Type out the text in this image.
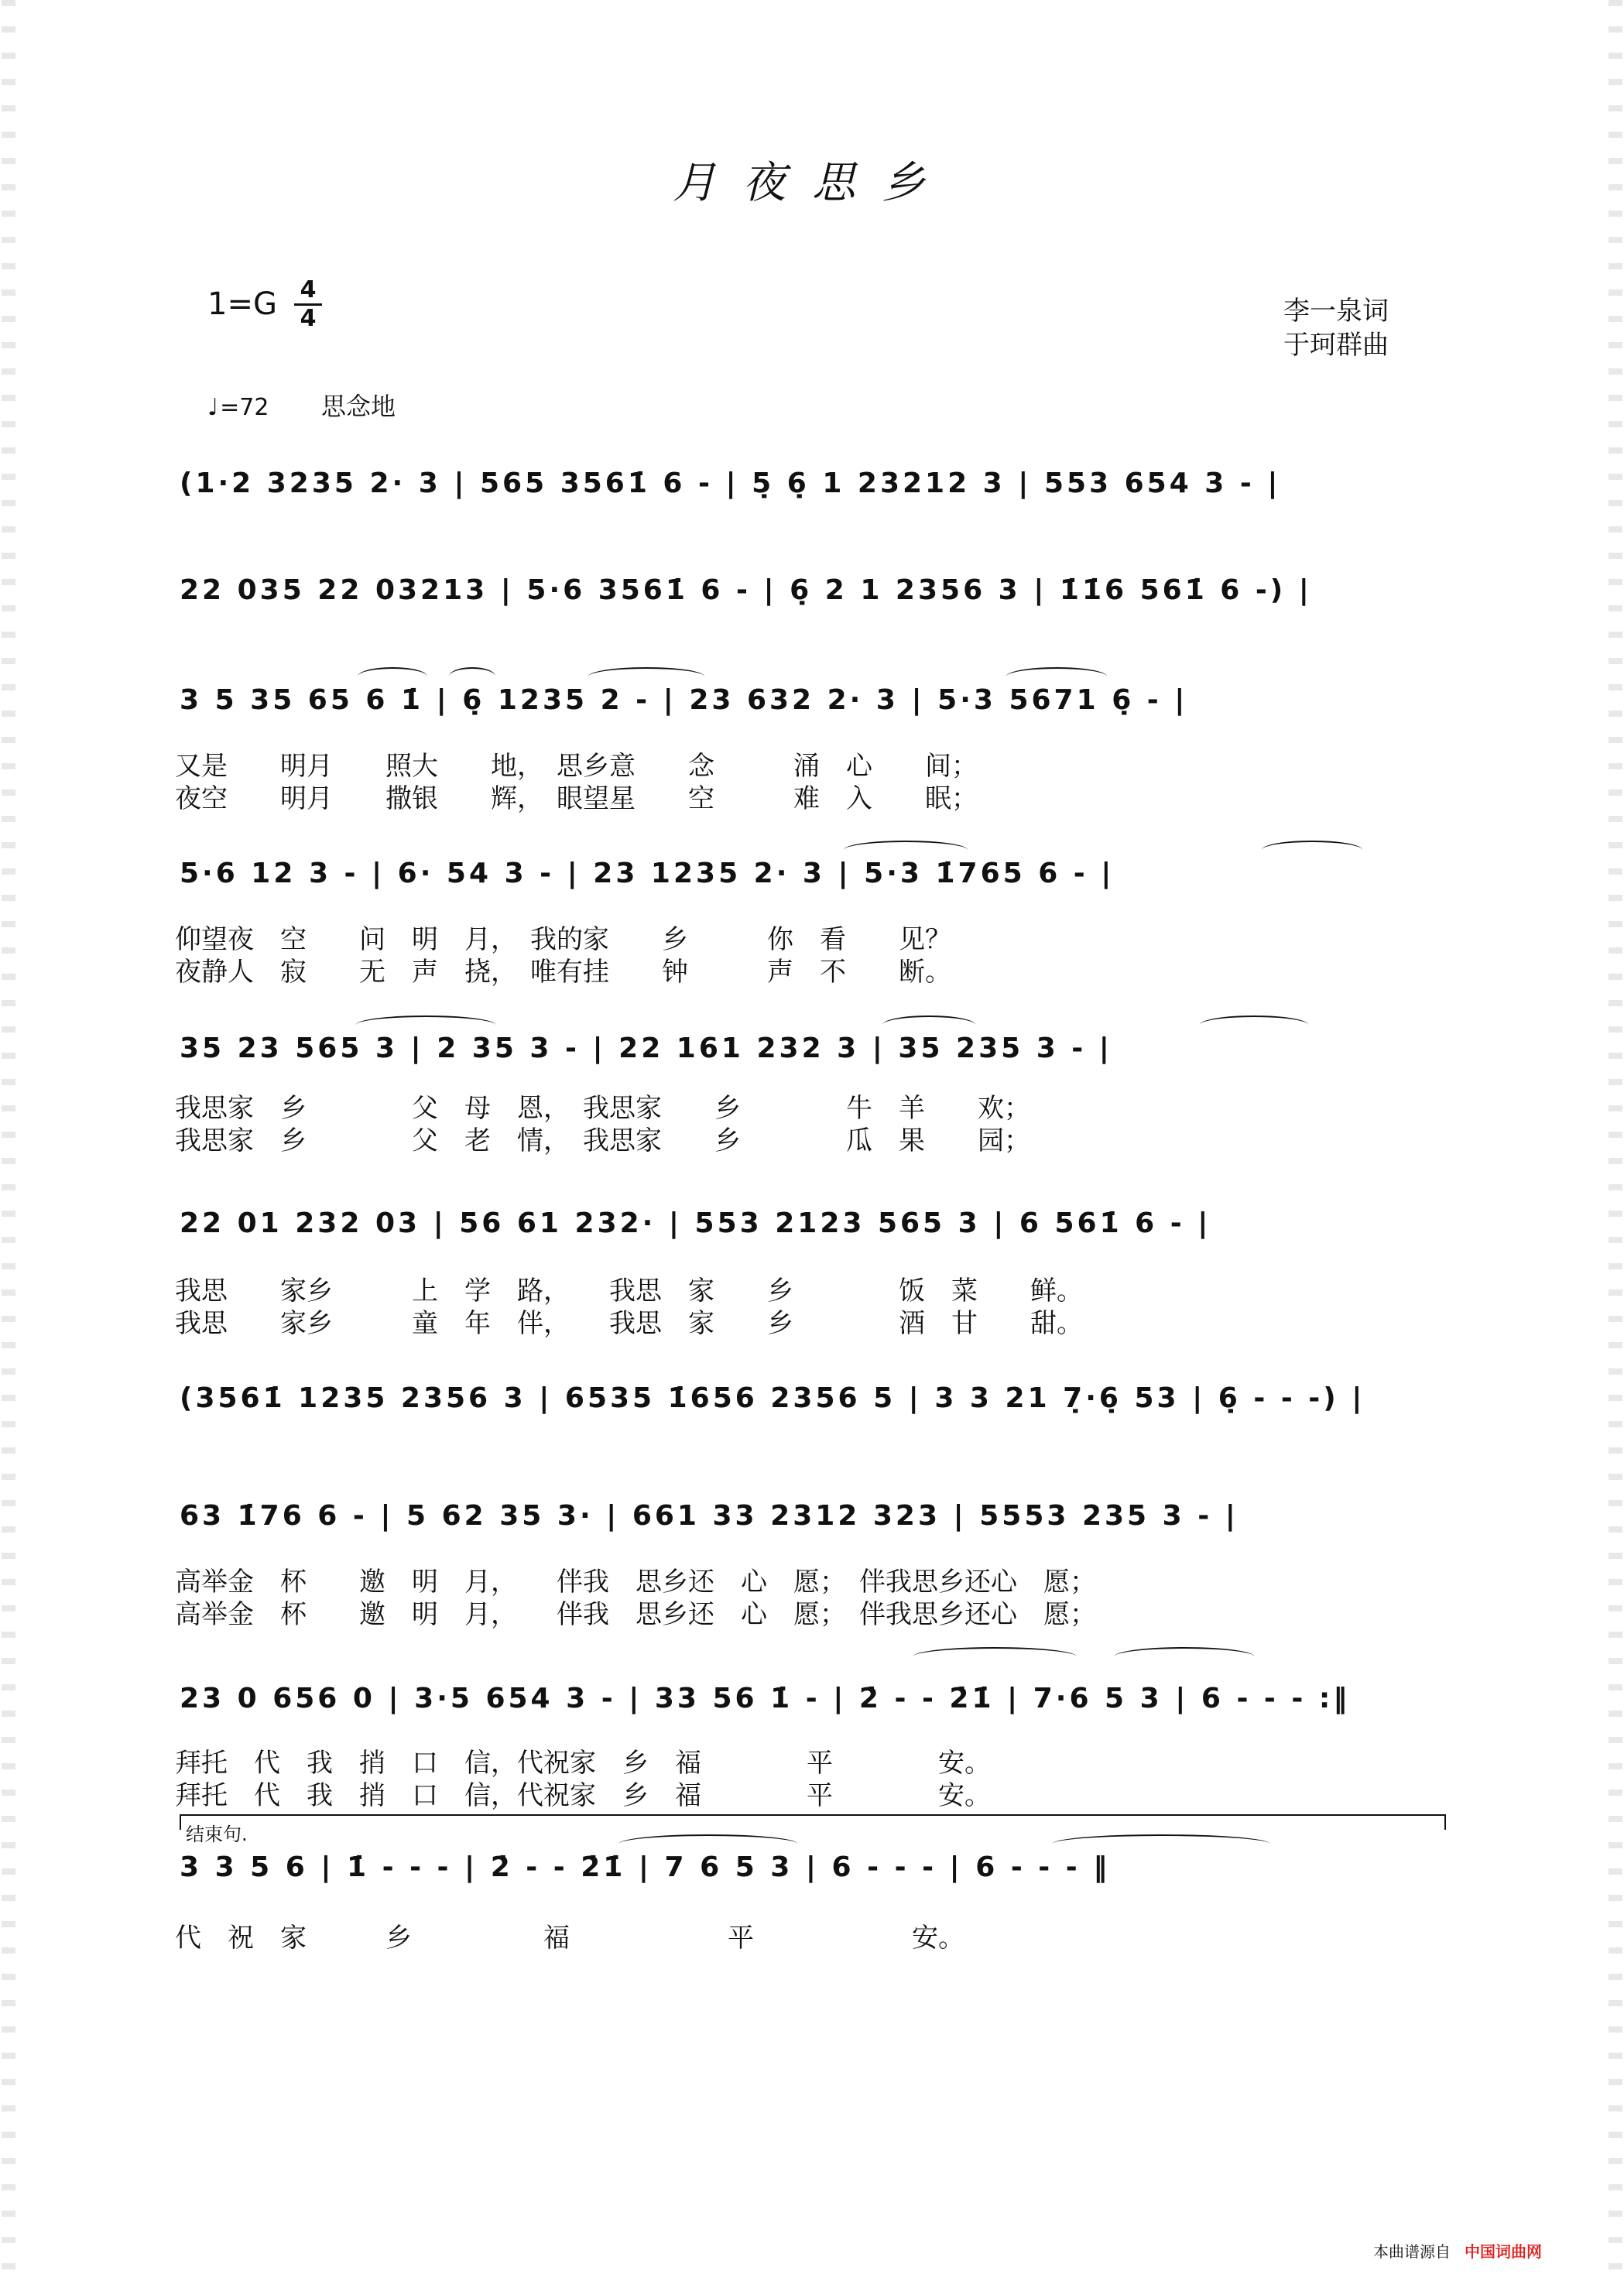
月夜思乡
1=G 4
4	李一泉词
于珂群曲
♩=72 思念地
(1·2 3235 2· 3 | 565 3561̇ 6 - | 5̣ 6̣ 1 23212 3 | 553 654 3 - |
22 035 22 03213 | 5·6 3561̇ 6 - | 6̣ 2 1 2356 3 | 1̇1̇6 561̇ 6 -) |
3 5 35 65 6 1̇ | 6̣ 1235 2 - | 23 632 2· 3 | 5·3 5671 6̣ - |
又是　　明月　　照大　　地，　思乡意　　念　　　涌　心　　间；
夜空　　明月　　撒银　　辉，　眼望星　　空　　　难　入　　眠；
5·6 12 3 - | 6· 54 3 - | 23 1235 2· 3 | 5·3 1̇765 6 - |
仰望夜　空　　问　明　月，　我的家　　乡　　　你　看　　见？
夜静人　寂　　无　声　挠，　唯有挂　　钟　　　声　不　　断。
35 23 565 3 | 2 35 3 - | 22 161 232 3 | 35 235 3 - |
我思家　乡　　　　父　母　恩，　我思家　　乡　　　　牛　羊　　欢；
我思家　乡　　　　父　老　情，　我思家　　乡　　　　瓜　果　　园；
22 01 232 03 | 56 61 232· | 553 2123 565 3 | 6 561̇ 6 - |
我思　　家乡　　　上　学　路，　　我思　家　　乡　　　　饭　菜　　鲜。
我思　　家乡　　　童　年　伴，　　我思　家　　乡　　　　酒　甘　　甜。
(3561̇ 1235 2356 3 | 6535 1̇656 2356 5 | 3 3 21 7̣·6̣ 53 | 6̣ - - -) |
63 1̇76 6 - | 5 62 35 3· | 661 33 2312 323 | 5553 235 3 - |
高举金　杯　　邀　明　月，　　伴我　思乡还　心　愿；　伴我思乡还心　愿；
高举金　杯　　邀　明　月，　　伴我　思乡还　心　愿；　伴我思乡还心　愿；
23 0 656 0 | 3·5 654 3 - | 33 56 1̇ - | 2̇ - - 2̇1̇ | 7·6 5 3 | 6 - - - :‖
拜托　代　我　捎　口　信，代祝家　乡　福　　　　平　　　　安。
拜托　代　我　捎　口　信，代祝家　乡　福　　　　平　　　　安。
结束句.
3 3 5 6 | 1̇ - - - | 2̇ - - 2̇1̇ | 7 6 5 3 | 6 - - - | 6 - - - ‖
代　祝　家　　　乡　　　　　福　　　　　　平　　　　　　安。
本曲谱源自 中国词曲网
